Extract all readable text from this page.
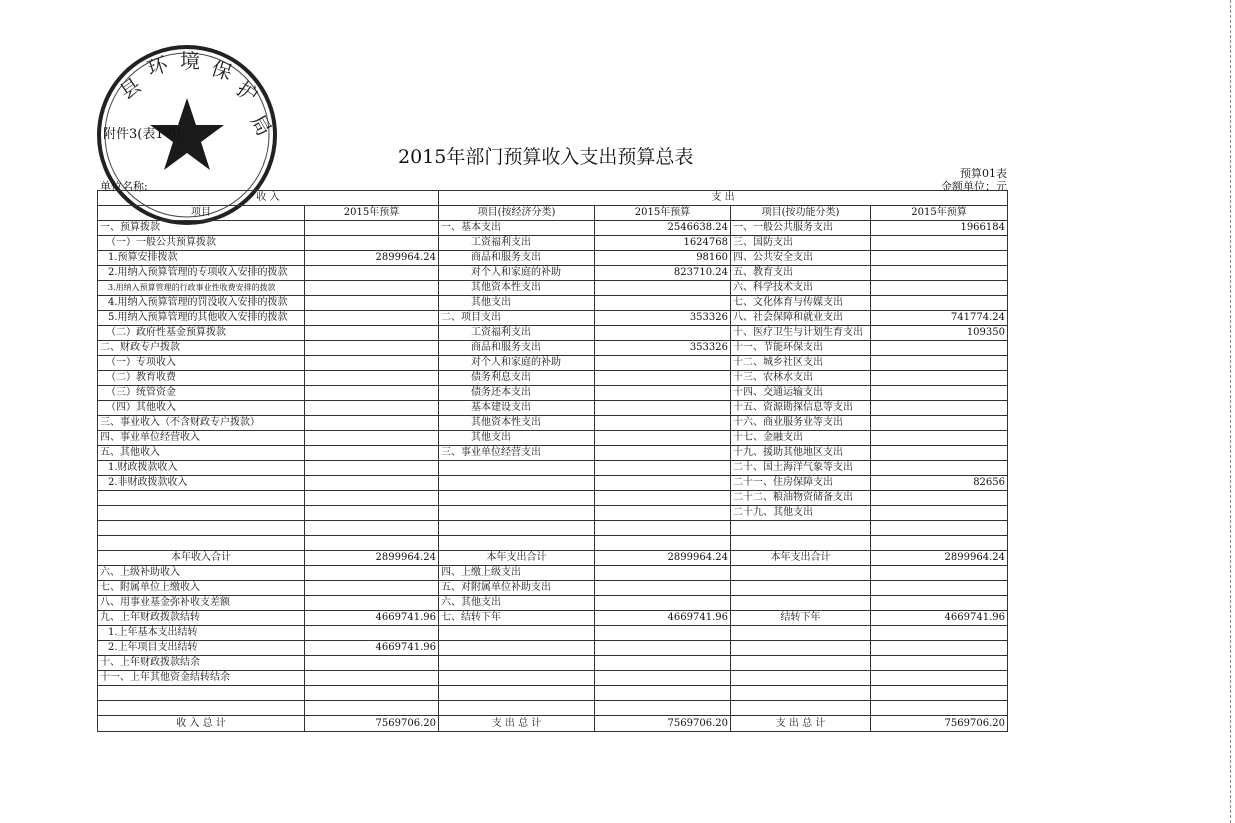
县
环 境 保
护
局
附件3(表1-6)
2015年部门预算收入支出预算总表
单位名称:
预算01表
金额单位：元
收 入		支 出			
项目	2015年预算	项目(按经济分类)	2015年预算	项目(按功能分类)	2015年预算
一、预算拨款		一、基本支出	2546638.24	一、一般公共服务支出	1966184
（一）一般公共预算拨款		工资福利支出	1624768	三、国防支出	
1.预算安排拨款	2899964.24	商品和服务支出	98160	四、公共安全支出	
2.用纳入预算管理的专项收入安排的拨款		对个人和家庭的补助	823710.24	五、教育支出	
3.用纳入预算管理的行政事业性收费安排的拨款		其他资本性支出		六、科学技术支出	
4.用纳入预算管理的罚没收入安排的拨款		其他支出		七、文化体育与传媒支出	
5.用纳入预算管理的其他收入安排的拨款		二、项目支出	353326	八、社会保障和就业支出	741774.24
（二）政府性基金预算拨款		工资福利支出		十、医疗卫生与计划生育支出	109350
二、财政专户拨款		商品和服务支出	353326	十一、节能环保支出	
（一）专项收入		对个人和家庭的补助		十二、城乡社区支出	
（二）教育收费		债务利息支出		十三、农林水支出	
（三）统管资金		债务还本支出		十四、交通运输支出	
（四）其他收入		基本建设支出		十五、资源勘探信息等支出	
三、事业收入（不含财政专户拨款）		其他资本性支出		十六、商业服务业等支出	
四、事业单位经营收入		其他支出		十七、金融支出	
五、其他收入		三、事业单位经营支出		十九、援助其他地区支出	
1.财政拨款收入				二十、国土海洋气象等支出	
2.非财政拨款收入				二十一、住房保障支出	82656
				二十二、粮油物资储备支出	
				二十九、其他支出	

本年收入合计	2899964.24	本年支出合计	2899964.24	本年支出合计	2899964.24
六、上级补助收入		四、上缴上级支出			
七、附属单位上缴收入		五、对附属单位补助支出			
八、用事业基金弥补收支差额		六、其他支出			
九、上年财政拨款结转	4669741.96	七、结转下年	4669741.96	结转下年	4669741.96
1.上年基本支出结转					
2.上年项目支出结转	4669741.96				
十、上年财政拨款结余					
十一、上年其他资金结转结余					

收 入 总 计	7569706.20	支 出 总 计	7569706.20	支 出 总 计	7569706.20
